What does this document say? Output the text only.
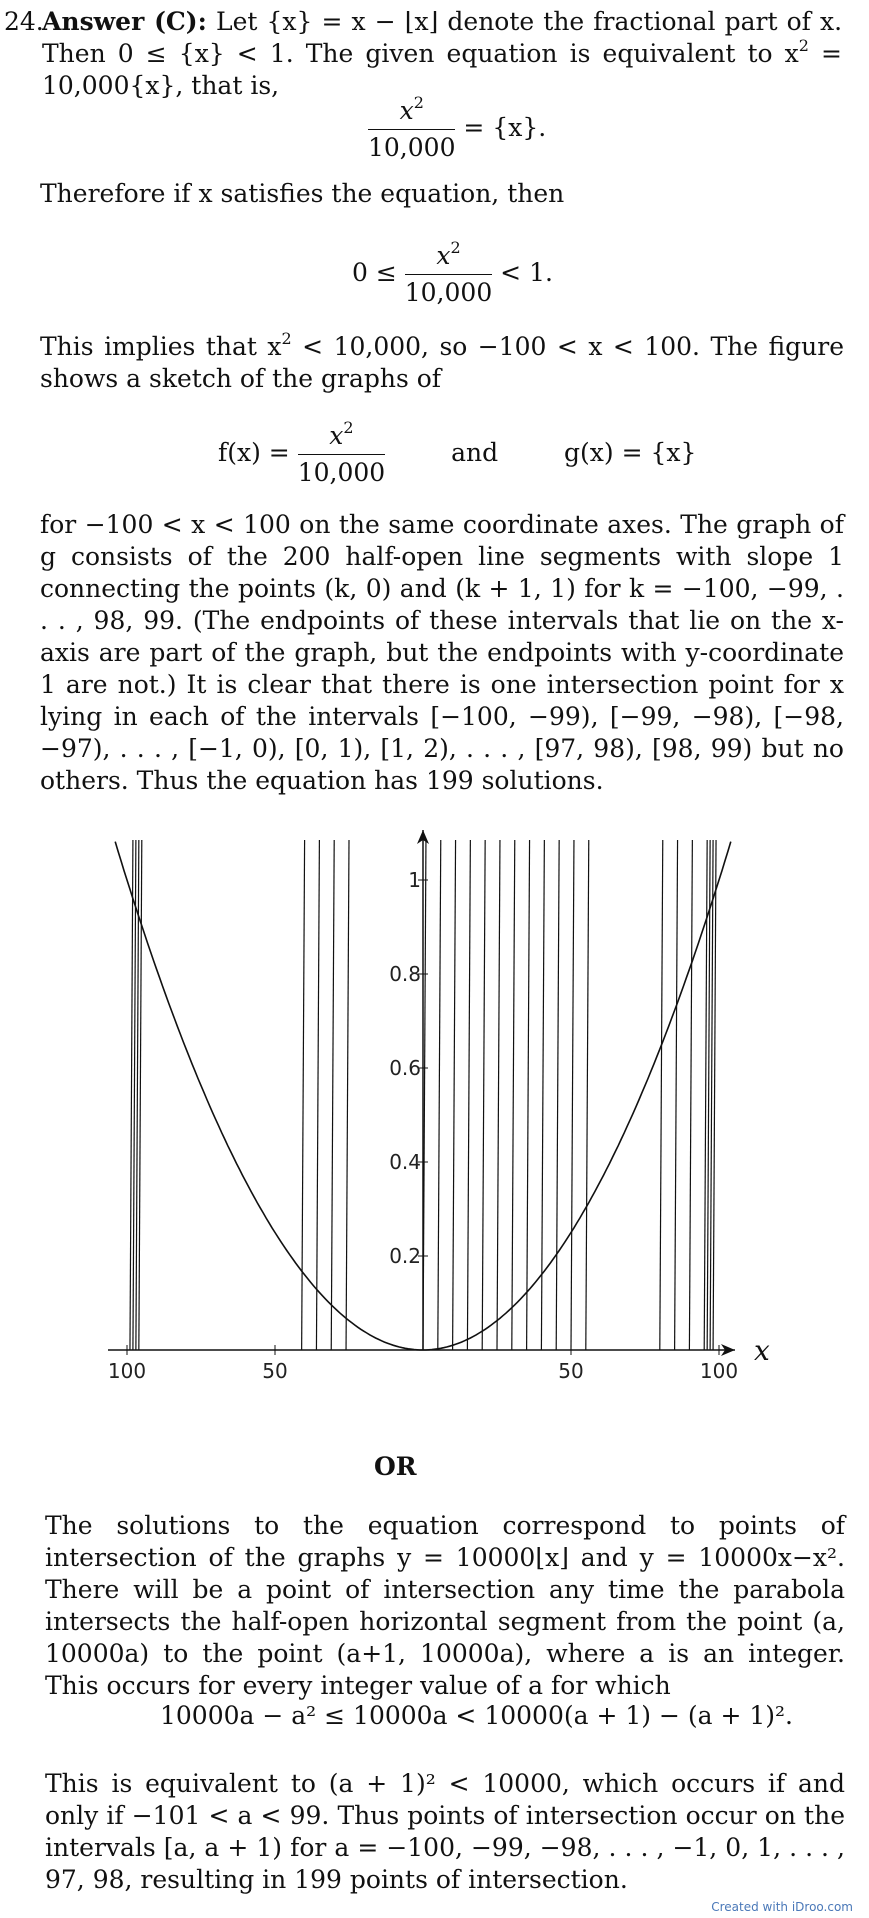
24.
Answer (C): Let {x} = x − ⌊x⌋ denote the fractional part of x. Then 0 ≤ {x} < 1. The given equation is equivalent to $x^2 = 10,000\{x\}$, that is,
$\frac{x^2}{10,000} = \{x\}$.
Therefore if x satisfies the equation, then
$0 \le \frac{x^2}{10,000} < 1$.
This implies that $x^2 < 10,000$, so −100 < x < 100. The figure shows a sketch of the graphs of
$f(x) = \frac{x^2}{10,000}$	and	g(x) = {x}
for −100 < x < 100 on the same coordinate axes. The graph of g consists of the 200 half-open line segments with slope 1 connecting the points (k, 0) and (k + 1, 1) for k = −100, −99, . . . , 98, 99. (The endpoints of these intervals that lie on the x-axis are part of the graph, but the endpoints with y-coordinate 1 are not.) It is clear that there is one intersection point for x lying in each of the intervals [−100, −99), [−99, −98), [−98, −97), . . . , [−1, 0), [0, 1), [1, 2), . . . , [97, 98), [98, 99) but no others. Thus the equation has 199 solutions.
x
100	50	50	100
0.2
0.4
0.6
0.8
1
OR
The solutions to the equation correspond to points of intersection of the graphs y = 10000⌊x⌋ and y = 10000x−x². There will be a point of intersection any time the parabola intersects the half-open horizontal segment from the point (a, 10000a) to the point (a+1, 10000a), where a is an integer. This occurs for every integer value of a for which
10000a − a² ≤ 10000a < 10000(a + 1) − (a + 1)².
This is equivalent to (a + 1)² < 10000, which occurs if and only if −101 < a < 99. Thus points of intersection occur on the intervals [a, a + 1) for a = −100, −99, −98, . . . , −1, 0, 1, . . . , 97, 98, resulting in 199 points of intersection.
Created with iDroo.com
